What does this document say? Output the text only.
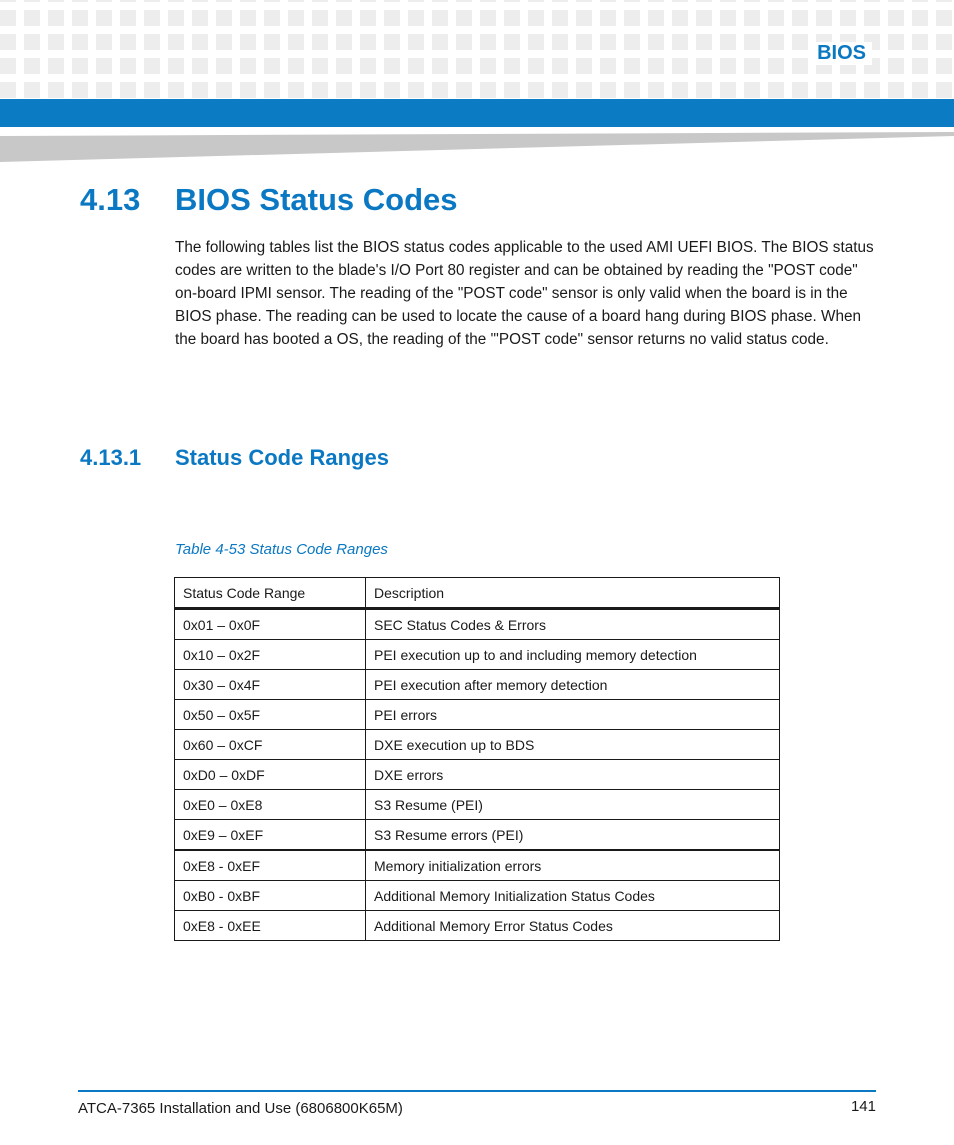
BIOS
4.13 BIOS Status Codes

The following tables list the BIOS status codes applicable to the used AMI UEFI BIOS. The BIOS status codes are written to the blade's I/O Port 80 register and can be obtained by reading the "POST code" on-board IPMI sensor. The reading of the "POST code" sensor is only valid when the board is in the BIOS phase. The reading can be used to locate the cause of a board hang during BIOS phase. When the board has booted a OS, the reading of the '"POST code" sensor returns no valid status code.

4.13.1 Status Code Ranges

Table 4-53 Status Code Ranges

Status Code Range	Description
0x01 – 0x0F	SEC Status Codes & Errors
0x10 – 0x2F	PEI execution up to and including memory detection
0x30 – 0x4F	PEI execution after memory detection
0x50 – 0x5F	PEI errors
0x60 – 0xCF	DXE execution up to BDS
0xD0 – 0xDF	DXE errors
0xE0 – 0xE8	S3 Resume (PEI)
0xE9 – 0xEF	S3 Resume errors (PEI)
0xE8 - 0xEF	Memory initialization errors
0xB0 - 0xBF	Additional Memory Initialization Status Codes
0xE8 - 0xEE	Additional Memory Error Status Codes
ATCA-7365 Installation and Use (6806800K65M)	141
